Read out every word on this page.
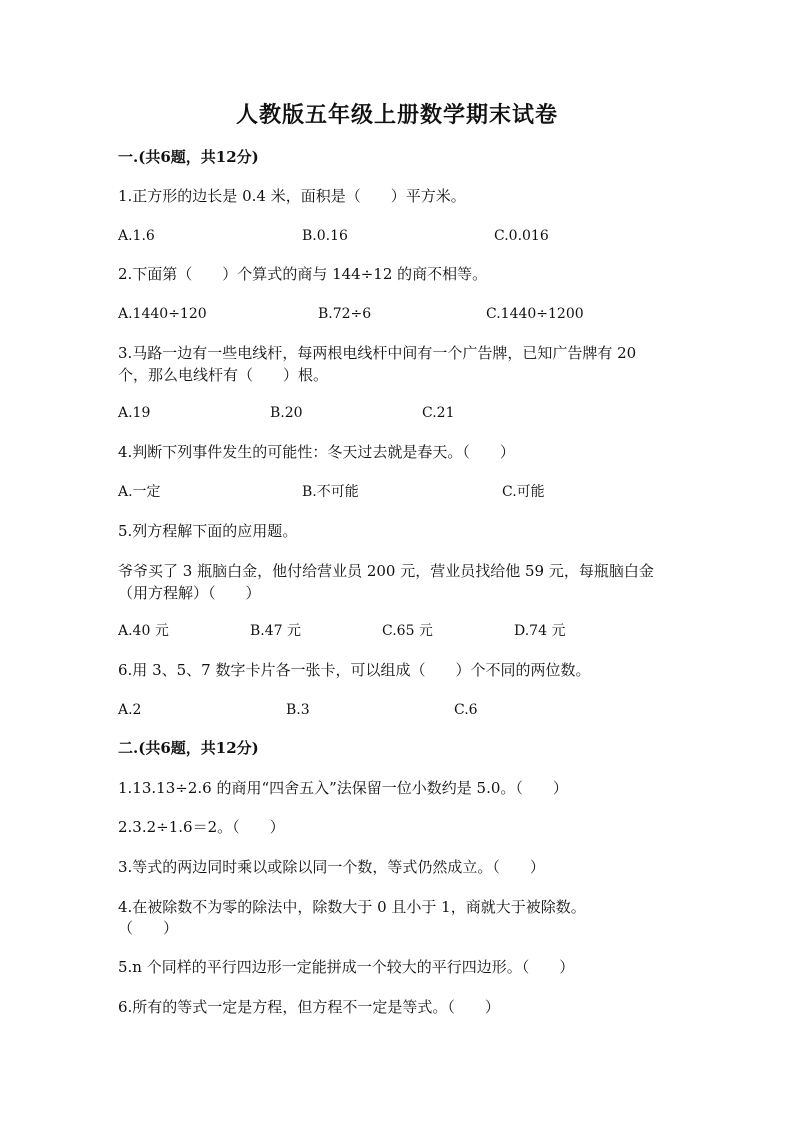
人教版五年级上册数学期末试卷
一.(共6题，共12分)
1.正方形的边长是 0.4 米，面积是（　　）平方米。
A.1.6	B.0.16	C.0.016
2.下面第（　　）个算式的商与 144÷12 的商不相等。
A.1440÷120	B.72÷6	C.1440÷1200
3.马路一边有一些电线杆，每两根电线杆中间有一个广告牌，已知广告牌有 20
个，那么电线杆有（　　）根。
A.19	B.20	C.21
4.判断下列事件发生的可能性：冬天过去就是春天。（　　）
A.一定	B.不可能	C.可能
5.列方程解下面的应用题。
爷爷买了 3 瓶脑白金，他付给营业员 200 元，营业员找给他 59 元，每瓶脑白金
（用方程解）（　　）
A.40 元	B.47 元	C.65 元	D.74 元
6.用 3、5、7 数字卡片各一张卡，可以组成（　　）个不同的两位数。
A.2	B.3	C.6
二.(共6题，共12分)
1.13.13÷2.6 的商用“四舍五入”法保留一位小数约是 5.0。（　　）
2.3.2÷1.6＝2。（　　）
3.等式的两边同时乘以或除以同一个数，等式仍然成立。（　　）
4.在被除数不为零的除法中，除数大于 0 且小于 1，商就大于被除数。
（　　）
5.n 个同样的平行四边形一定能拼成一个较大的平行四边形。（　　）
6.所有的等式一定是方程，但方程不一定是等式。（　　）
